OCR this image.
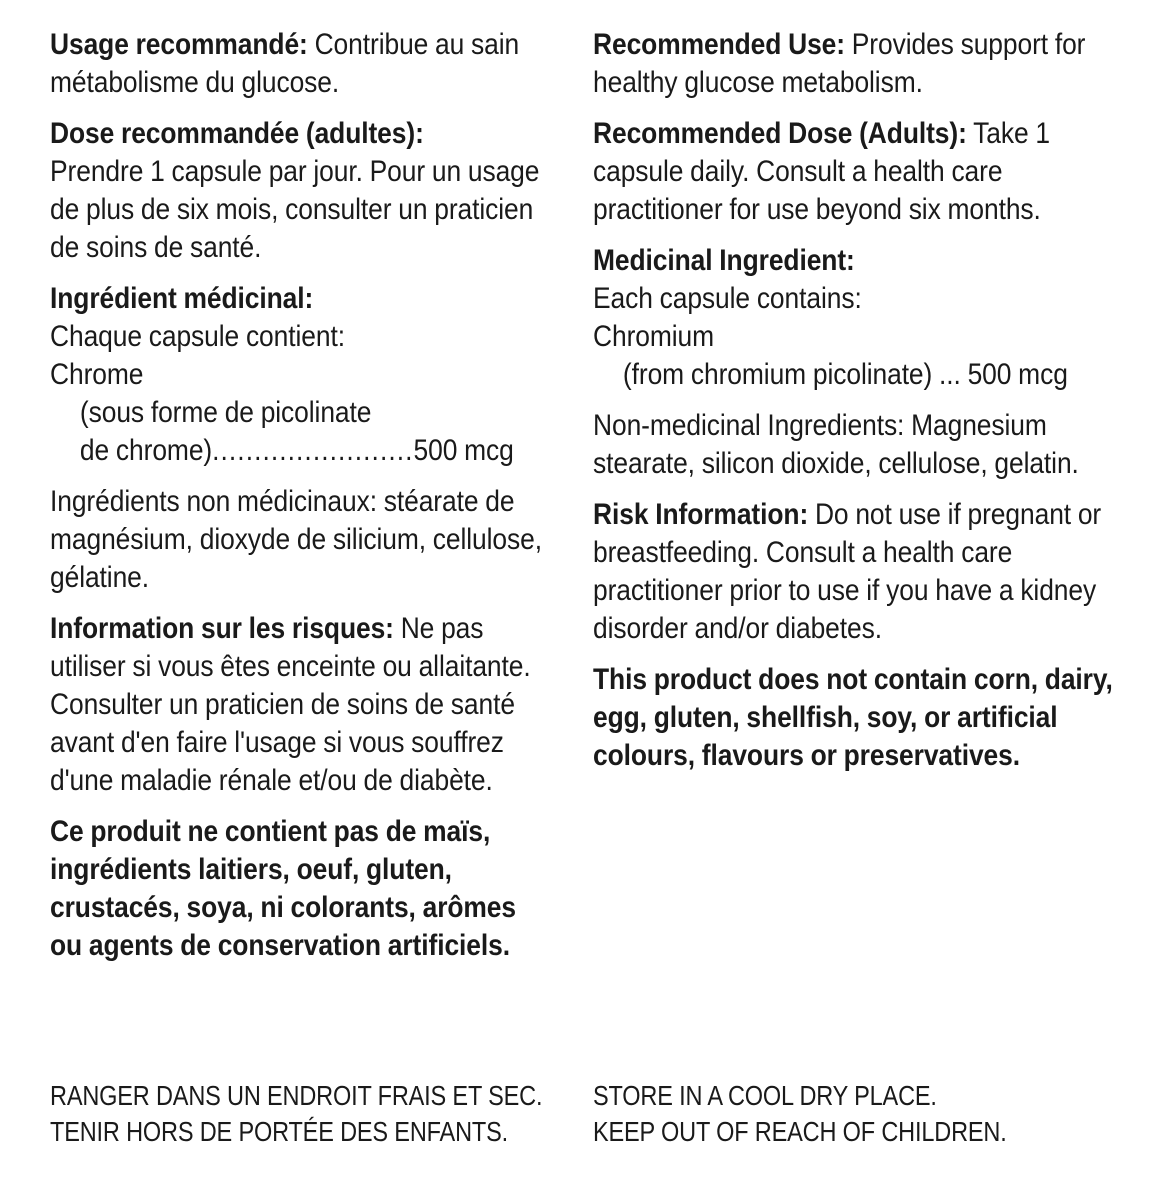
Usage recommandé: Contribue au sain métabolisme du glucose.

Dose recommandée (adultes):
Prendre 1 capsule par jour. Pour un usage de plus de six mois, consulter un praticien de soins de santé.

Ingrédient médicinal:
Chaque capsule contient:
Chrome
(sous forme de picolinate
de chrome) .....	500 mcg

Ingrédients non médicinaux: stéarate de magnésium, dioxyde de silicium, cellulose, gélatine.

Information sur les risques: Ne pas utiliser si vous êtes enceinte ou allaitante. Consulter un praticien de soins de santé avant d'en faire l'usage si vous souffrez d'une maladie rénale et/ou de diabète.

Ce produit ne contient pas de maïs, ingrédients laitiers, oeuf, gluten, crustacés, soya, ni colorants, arômes ou agents de conservation artificiels.

Recommended Use: Provides support for healthy glucose metabolism.

Recommended Dose (Adults): Take 1 capsule daily. Consult a health care practitioner for use beyond six months.

Medicinal Ingredient:
Each capsule contains:
Chromium
(from chromium picolinate) ... 500 mcg

Non-medicinal Ingredients: Magnesium stearate, silicon dioxide, cellulose, gelatin.

Risk Information: Do not use if pregnant or breastfeeding. Consult a health care practitioner prior to use if you have a kidney disorder and/or diabetes.

This product does not contain corn, dairy, egg, gluten, shellfish, soy, or artificial colours, flavours or preservatives.

RANGER DANS UN ENDROIT FRAIS ET SEC.
TENIR HORS DE PORTÉE DES ENFANTS.

STORE IN A COOL DRY PLACE.
KEEP OUT OF REACH OF CHILDREN.
